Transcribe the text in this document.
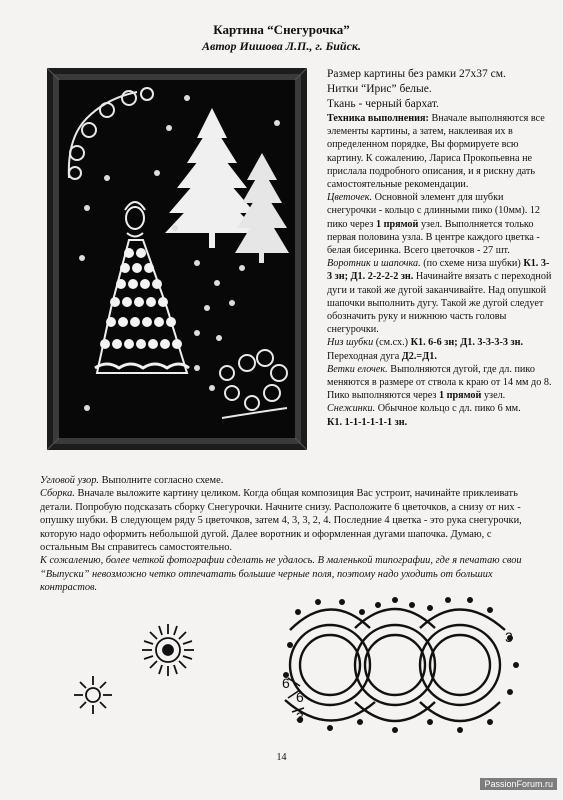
Картина “Снегурочка”

Автор Иишова Л.П., г. Бийск.

Размер картины без рамки 27х37 см.

Нитки “Ирис” белые.

Ткань - черный бархат.

Техника выполнения: Вначале выполняются все элементы картины, а затем, наклеивая их в определенном порядке, Вы формируете всю картину. К сожалению, Лариса Прокопьевна не прислала подробного описания, и я рискну дать самостоятельные рекомендации.

Цветочек. Основной элемент для шубки снегурочки - кольцо с длинными пико (10мм). 12 пико через 1 прямой узел. Выполняется только первая половина узла. В центре каждого цветка - белая бисеринка. Всего цветочков - 27 шт.

Воротник и шапочка. (по схеме низа шубки) К1. 3-3 зн; Д1. 2-2-2-2 зн. Начинайте вязать с переходной дуги и такой же дугой заканчивайте. Над опушкой шапочки выполнить дугу. Такой же дугой следует обозначить руку и нижнюю часть головы снегурочки.

Низ шубки (см.сх.) К1. 6-6 зн; Д1. 3-3-3-3 зн.
Переходная дуга Д2.=Д1.

Ветки елочек. Выполняются дугой, где дл. пико меняются в размере от ствола к краю от 14 мм до 8. Пико выполняются через 1 прямой узел.

Снежинки. Обычное кольцо с дл. пико 6 мм.
К1. 1-1-1-1-1-1 зн.

Угловой узор. Выполните согласно схеме.

Сборка. Вначале выложите картину целиком. Когда общая композиция Вас устроит, начинайте приклеивать детали. Попробую подсказать сборку Снегурочки. Начните снизу. Расположите 6 цветочков, а снизу от них - опушку шубки. В следующем ряду 5 цветочков, затем 4, 3, 3, 2, 4. Последние 4 цветка - это рука снегурочки, которую надо оформить небольшой дугой. Далее воротник и оформленная дугами шапочка. Думаю, с остальным Вы справитесь самостоятельно.

К сожалению, более четкой фотографии сделать не удалось. В маленькой типографии, где я печатаю свои “Выпуски” невозможно четко отпечатать большие черные поля, поэтому надо уходить от больших контрастов.

3
6
6
3
14
PassionForum.ru
